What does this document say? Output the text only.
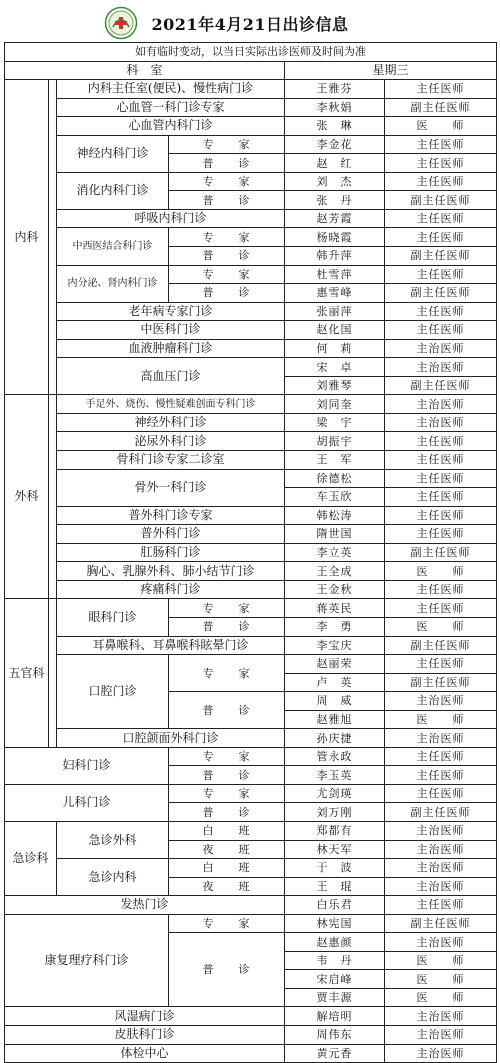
2021年4月21日出诊信息
如有临时变动，以当日实际出诊医师及时间为准					
科　室				星期三	
内科		内科主任室(便民)、慢性病门诊		王雅芬	主任医师
		心血管一科门诊专家		李秋娟	副主任医师
		心血管内科门诊		张　琳	医　　师
		神经内科门诊	专　　家	李金花	主任医师
			普　　诊	赵　红	主任医师
		消化内科门诊	专　　家	刘　杰	主任医师
			普　　诊	张　丹	副主任医师
		呼吸内科门诊		赵芳霞	主任医师
		中西医结合科门诊	专　　家	杨晓霞	主任医师
			普　　诊	韩升萍	副主任医师
		内分泌、肾内科门诊	专　　家	杜雪萍	主任医师
			普　　诊	惠雪峰	副主任医师
		老年病专家门诊		张丽萍	主任医师
		中医科门诊		赵化国	主任医师
		血液肿瘤科门诊		何　莉	主治医师
		高血压门诊		宋　卓	主治医师
				刘雅琴	副主任医师
外科		手足外、烧伤、慢性疑难创面专科门诊		刘同奎	主治医师
		神经外科门诊		梁　宇	主治医师
		泌尿外科门诊		胡振宇	主任医师
		骨科门诊专家二诊室		王　军	主任医师
		骨外一科门诊		徐德松	主任医师
				车玉欣	主任医师
		普外科门诊专家		韩松涛	主任医师
		普外科门诊		隋世国	主任医师
		肛肠科门诊		李立英	副主任医师
		胸心、乳腺外科、肺小结节门诊		王全成	医　　师
		疼痛科门诊		王金秋	主任医师
五官科		眼科门诊	专　　家	蒋英民	主任医师
			普　　诊	李　勇	医　　师
		耳鼻喉科、耳鼻喉科眩晕门诊		李宝庆	副主任医师
		口腔门诊	专　　家	赵丽荣	主任医师
				卢　英	副主任医师
			普　　诊	周　威	主治医师
				赵雅旭	医　　师
		口腔颌面外科门诊		孙庆捷	主治医师
妇科门诊			专　　家	管永政	主任医师
			普　　诊	李玉英	主任医师
儿科门诊			专　　家	尤剑瑛	主任医师
			普　　诊	刘万刚	副主任医师
急诊科		急诊外科	白　　班	郑都有	主治医师
			夜　　班	林天军	主治医师
		急诊内科	白　　班	于　波	主治医师
			夜　　班	王　琨	主治医师
发热门诊				白乐君	主任医师
康复理疗科门诊			专　　家	林宪国	副主任医师
			普　　诊	赵惠颜	主治医师
				韦　丹	医　　师
				宋启峰	医　　师
				贾丰源	医　　师
风湿病门诊				解培明	主治医师
皮肤科门诊				周伟东	主治医师
体检中心				黄元香	主治医师
